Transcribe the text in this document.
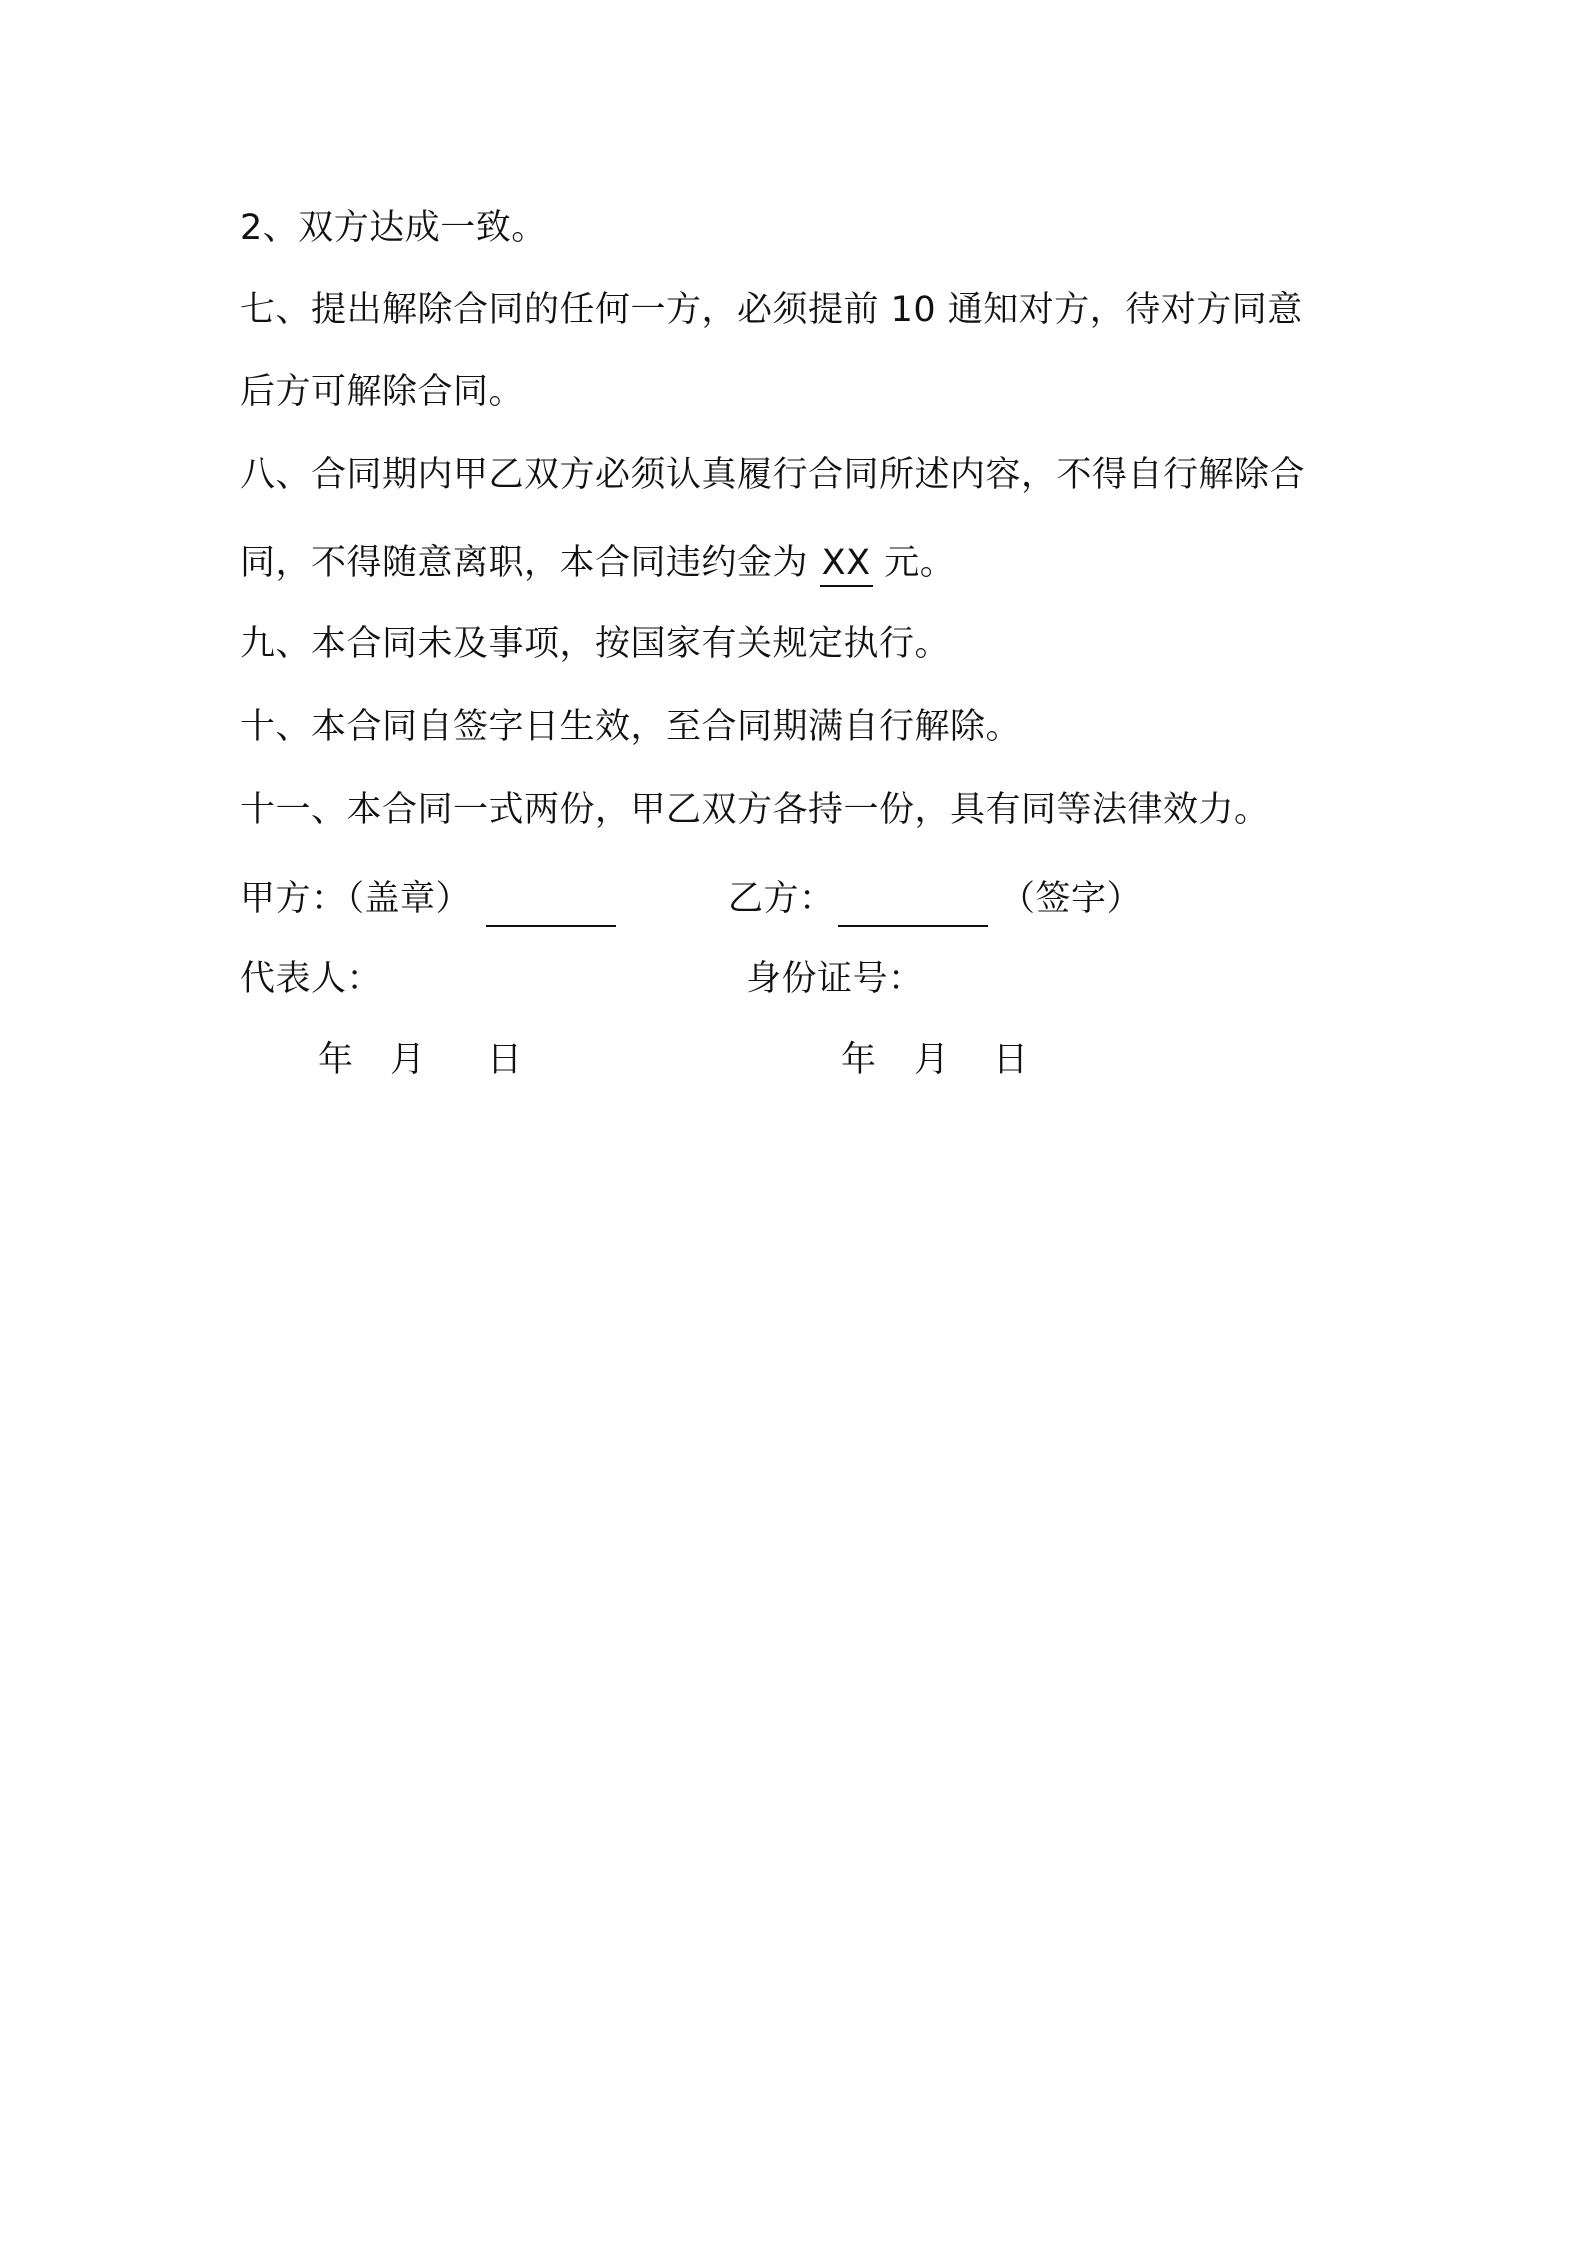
2、双方达成一致。
七、提出解除合同的任何一方，必须提前 10 通知对方，待对方同意
后方可解除合同。
八、合同期内甲乙双方必须认真履行合同所述内容，不得自行解除合
同，不得随意离职，本合同违约金为 XX 元。
九、本合同未及事项，按国家有关规定执行。
十、本合同自签字日生效，至合同期满自行解除。
十一、本合同一式两份，甲乙双方各持一份，具有同等法律效力。
甲方：（盖章）	乙方：	（签字）
代表人：	身份证号：
年 月 日	年 月 日
